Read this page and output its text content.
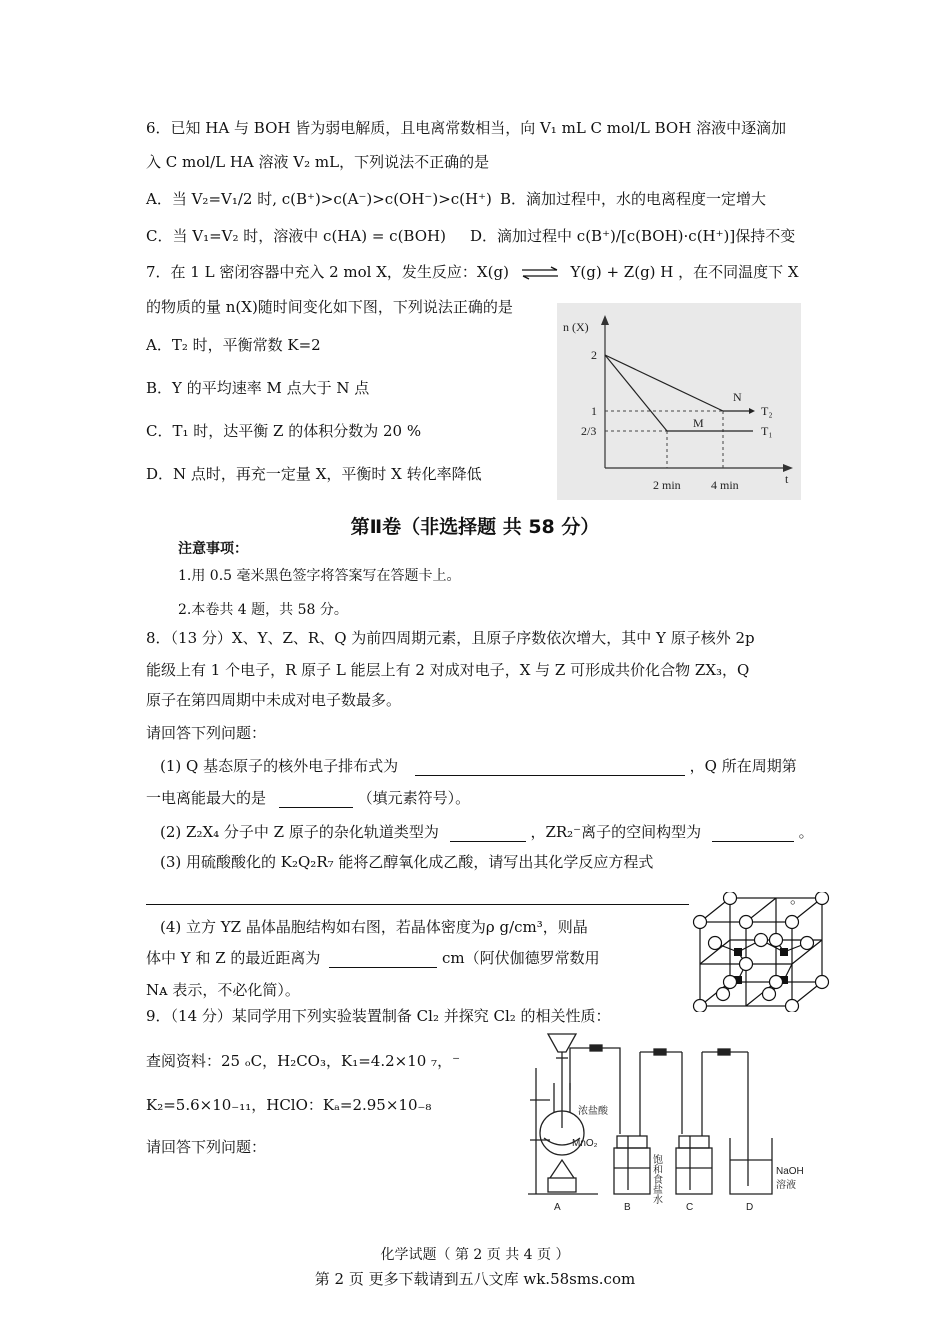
6．已知 HA 与 BOH 皆为弱电解质，且电离常数相当，向 V₁ mL C mol/L BOH 溶液中逐滴加
入 C mol/L HA 溶液 V₂ mL，下列说法不正确的是
A．当 V₂=V₁/2 时, c(B⁺)>c(A⁻)>c(OH⁻)>c(H⁺) B．滴加过程中，水的电离程度一定增大
C．当 V₁=V₂ 时，溶液中 c(HA) = c(BOH) D．滴加过程中 c(B⁺)/[c(BOH)·c(H⁺)]保持不变
7．在 1 L 密闭容器中充入 2 mol X，发生反应：X(g) ⇌ Y(g) + Z(g) H ，在不同温度下 X
的物质的量 n(X)随时间变化如下图，下列说法正确的是
A．T₂ 时，平衡常数 K=2
B．Y 的平均速率 M 点大于 N 点
C．T₁ 时，达平衡 Z 的体积分数为 20 %
D．N 点时，再充一定量 X，平衡时 X 转化率降低
n (X)
t
2
1
2/3
N
M
T₂
T₁
2 min	4 min
第Ⅱ卷（非选择题 共 58 分）
注意事项：
1.用 0.5 毫米黑色签字将答案写在答题卡上。
2.本卷共 4 题，共 58 分。
8．（13 分）X、Y、Z、R、Q 为前四周期元素，且原子序数依次增大，其中 Y 原子核外 2p
能级上有 1 个电子，R 原子 L 能层上有 2 对成对电子，X 与 Z 可形成共价化合物 ZX₃，Q
原子在第四周期中未成对电子数最多。
请回答下列问题：
(1) Q 基态原子的核外电子排布式为	，Q 所在周期第
一电离能最大的是	（填元素符号）。
(2) Z₂X₄ 分子中 Z 原子的杂化轨道类型为	，ZR₂⁻离子的空间构型为	。
(3) 用硫酸酸化的 K₂Q₂R₇ 能将乙醇氧化成乙酸，请写出其化学反应方程式
。
(4) 立方 YZ 晶体晶胞结构如右图，若晶体密度为ρ g/cm³，则晶
体中 Y 和 Z 的最近距离为	cm（阿伏伽德罗常数用
Nᴀ 表示，不必化简）。
9．（14 分）某同学用下列实验装置制备 Cl₂ 并探究 Cl₂ 的相关性质：
查阅资料：25 ₒC，H₂CO₃，K₁=4.2×10 ₇，⁻
K₂=5.6×10₋₁₁，HClO：Kₐ=2.95×10₋₈
请回答下列问题：
浓盐酸
MnO₂
饱和食盐水	NaOH
溶液
A	B	C	D
化学试题（ 第 2 页 共 4 页 ）
第 2 页 更多下载请到五八文库 wk.58sms.com
